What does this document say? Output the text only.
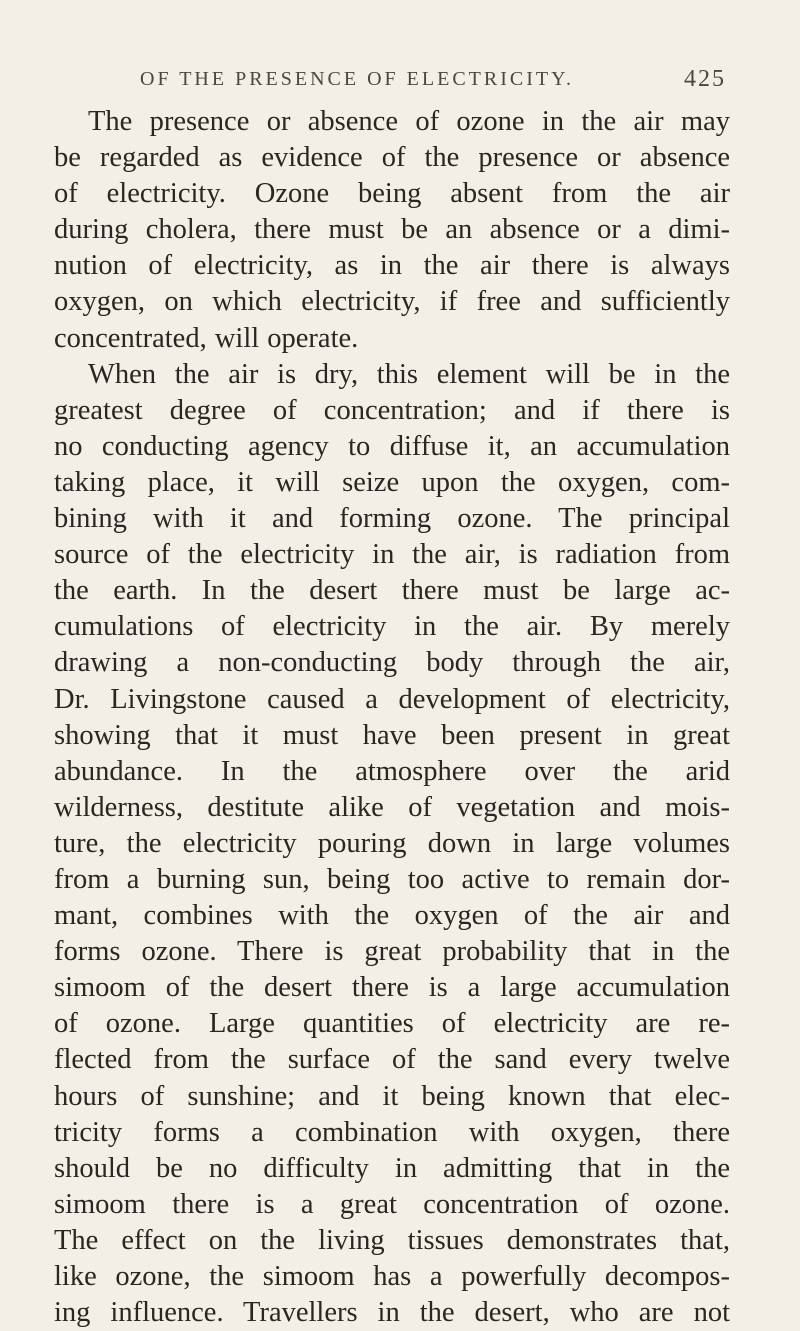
OF THE PRESENCE OF ELECTRICITY.	425

The presence or absence of ozone in the air may
be regarded as evidence of the presence or absence
of electricity. Ozone being absent from the air
during cholera, there must be an absence or a dimi-
nution of electricity, as in the air there is always
oxygen, on which electricity, if free and sufficiently
concentrated, will operate.

When the air is dry, this element will be in the
greatest degree of concentration; and if there is
no conducting agency to diffuse it, an accumulation
taking place, it will seize upon the oxygen, com-
bining with it and forming ozone. The principal
source of the electricity in the air, is radiation from
the earth. In the desert there must be large ac-
cumulations of electricity in the air. By merely
drawing a non-conducting body through the air,
Dr. Livingstone caused a development of electricity,
showing that it must have been present in great
abundance. In the atmosphere over the arid
wilderness, destitute alike of vegetation and mois-
ture, the electricity pouring down in large volumes
from a burning sun, being too active to remain dor-
mant, combines with the oxygen of the air and
forms ozone. There is great probability that in the
simoom of the desert there is a large accumulation
of ozone. Large quantities of electricity are re-
flected from the surface of the sand every twelve
hours of sunshine; and it being known that elec-
tricity forms a combination with oxygen, there
should be no difficulty in admitting that in the
simoom there is a great concentration of ozone.
The effect on the living tissues demonstrates that,
like ozone, the simoom has a powerfully decompos-
ing influence. Travellers in the desert, who are not
